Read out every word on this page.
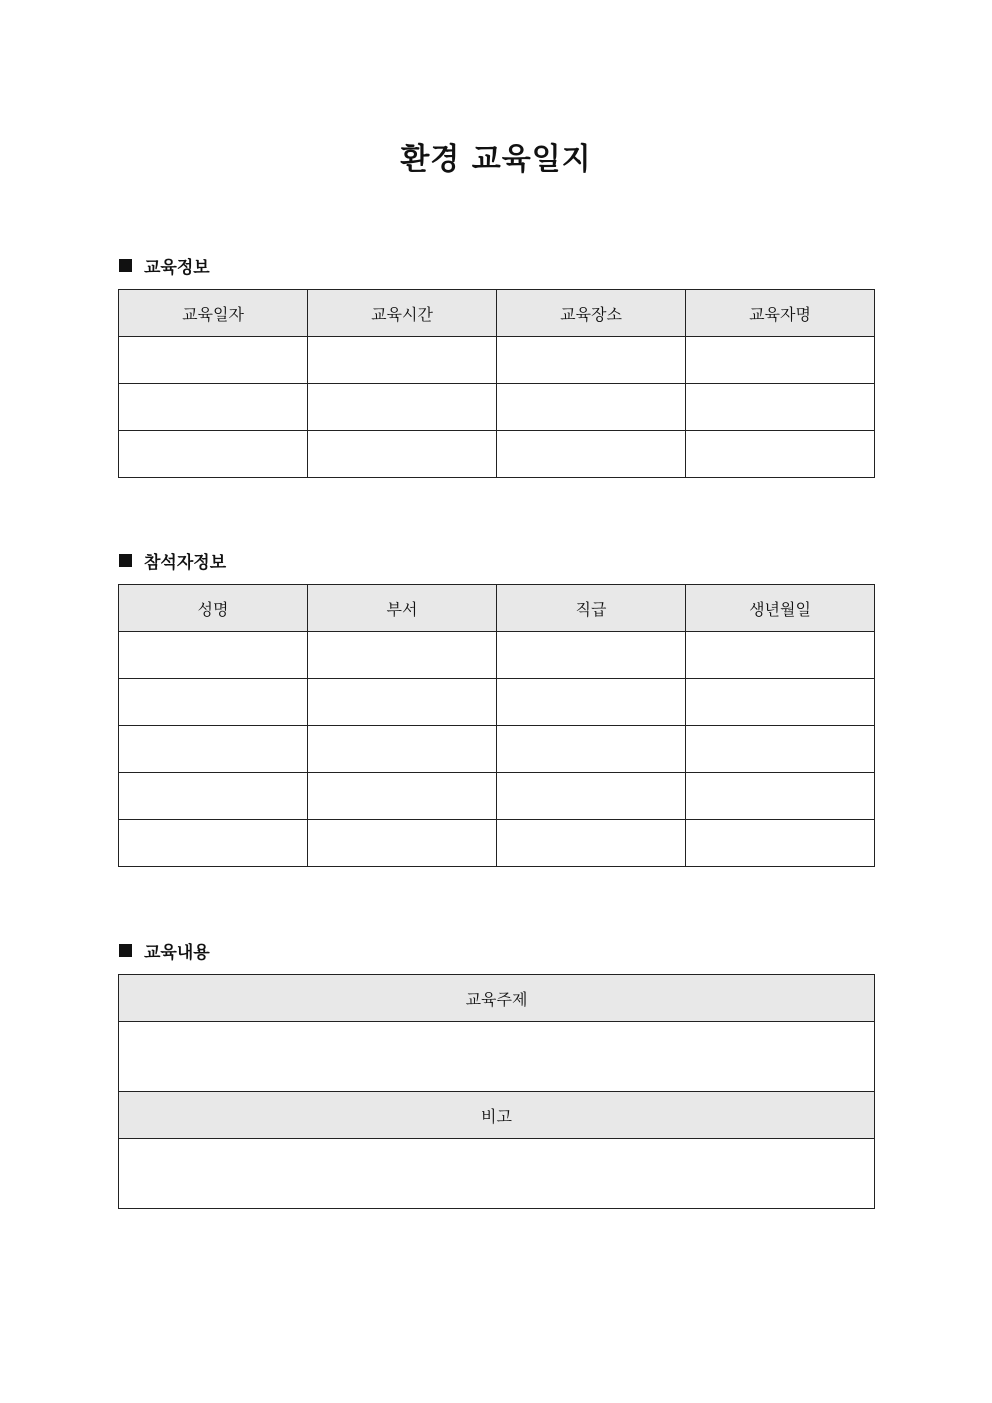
환경 교육일지
교육정보
교육일자	교육시간	교육장소	교육자명

참석자정보
성명	부서	직급	생년월일

교육내용
교육주제

비고
